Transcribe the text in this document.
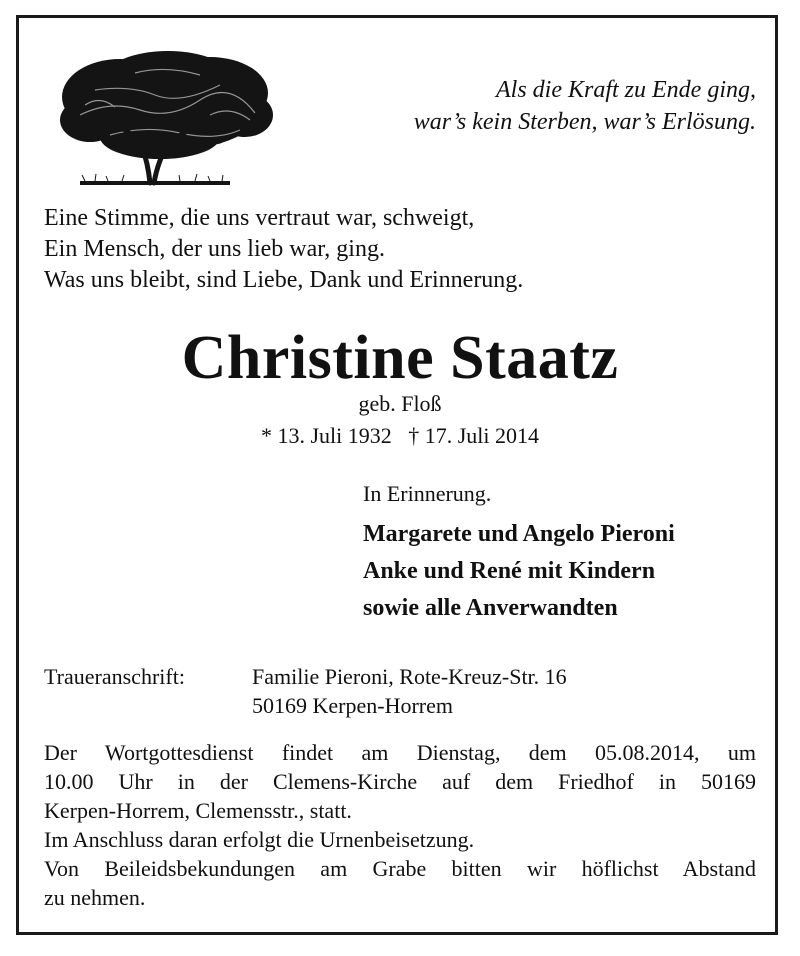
Als die Kraft zu Ende ging,
war’s kein Sterben, war’s Erlösung.
Eine Stimme, die uns vertraut war, schweigt,
Ein Mensch, der uns lieb war, ging.
Was uns bleibt, sind Liebe, Dank und Erinnerung.
Christine Staatz
geb. Floß
* 13. Juli 1932   † 17. Juli 2014
In Erinnerung.
Margarete und Angelo Pieroni
Anke und René mit Kindern
sowie alle Anverwandten
Traueranschrift:	Familie Pieroni, Rote-Kreuz-Str. 16
50169 Kerpen-Horrem
Der Wortgottesdienst findet am Dienstag, dem 05.08.2014, um
10.00 Uhr in der Clemens-Kirche auf dem Friedhof in 50169
Kerpen-Horrem, Clemensstr., statt.
Im Anschluss daran erfolgt die Urnenbeisetzung.
Von Beileidsbekundungen am Grabe bitten wir höflichst Abstand
zu nehmen.
